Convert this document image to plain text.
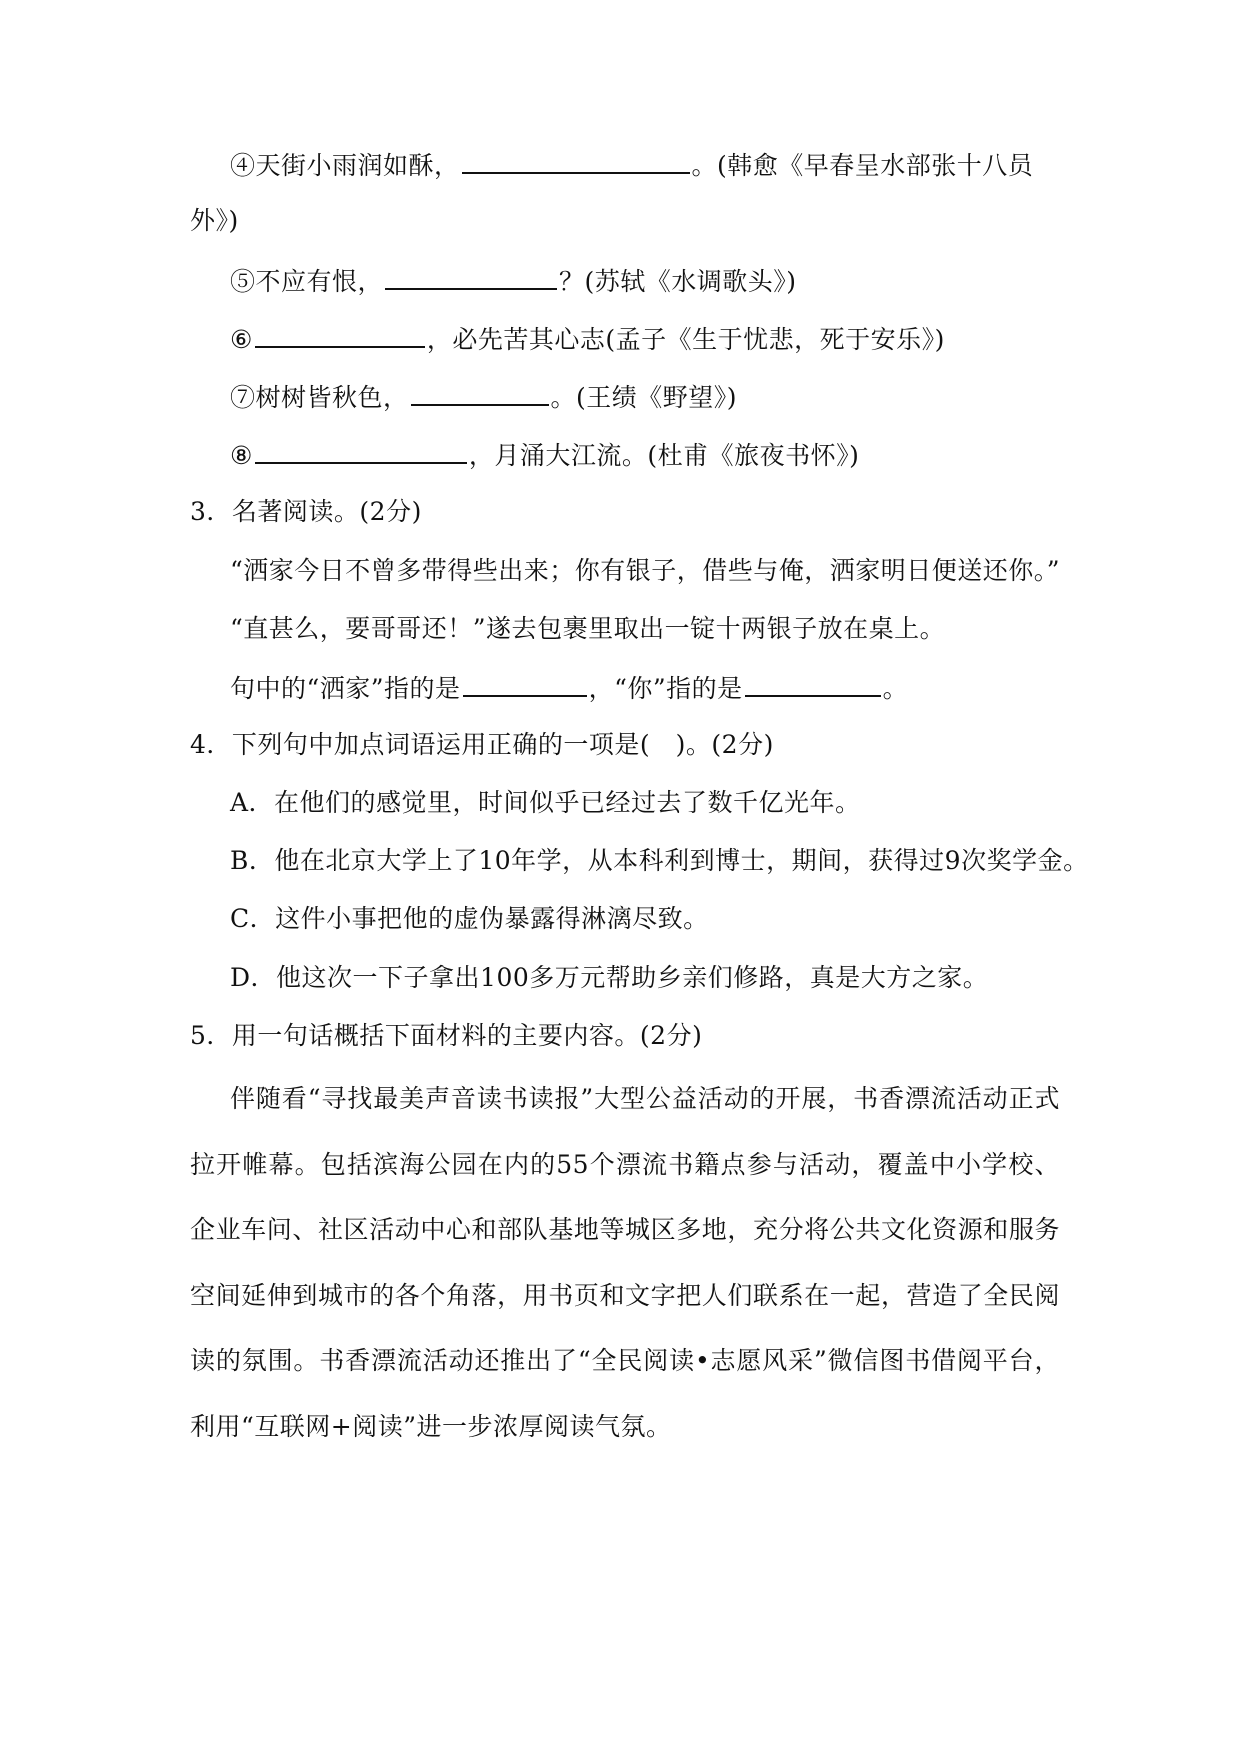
④天街小雨润如酥，	。(韩愈《早春呈水部张十八员
外》)
⑤不应有恨，	？(苏轼《水调歌头》)
⑥	，必先苦其心志(孟子《生于忧悲，死于安乐》)
⑦树树皆秋色，	。(王绩《野望》)
⑧	，月涌大江流。(杜甫《旅夜书怀》)
3．名著阅读。(2分)
“洒家今日不曾多带得些出来；你有银子，借些与俺，洒家明日便送还你。”
“直甚么，要哥哥还！”遂去包裹里取出一锭十两银子放在桌上。
句中的“洒家”指的是	，“你”指的是	。
4．下列句中加点词语运用正确的一项是(　)。(2分)
A．在他们的感觉里，时间似乎已经过去了数千亿光年。
B．他在北京大学上了10年学，从本科利到博士，期间，获得过9次奖学金。
C．这件小事把他的虚伪暴露得淋漓尽致。
D．他这次一下子拿出100多万元帮助乡亲们修路，真是大方之家。
5．用一句话概括下面材料的主要内容。(2分)
伴随看“寻找最美声音读书读报”大型公益活动的开展，书香漂流活动正式拉开帷幕。包括滨海公园在内的55个漂流书籍点参与活动，覆盖中小学校、企业车问、社区活动中心和部队基地等城区多地，充分将公共文化资源和服务空间延伸到城市的各个角落，用书页和文字把人们联系在一起，营造了全民阅读的氛围。书香漂流活动还推出了“全民阅读•志愿风采”微信图书借阅平台，利用“互联网+阅读”进一步浓厚阅读气氛。
